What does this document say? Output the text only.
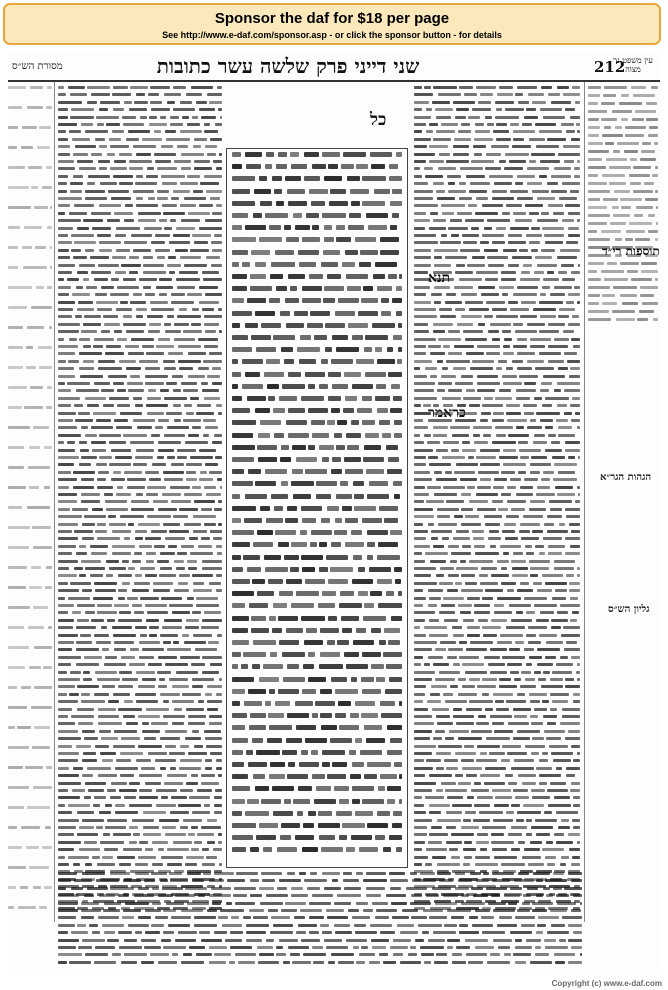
Sponsor the daf for $18 per page
See http://www.e-daf.com/sponsor.asp - or click the sponsor button - for details
מסורת הש״ס	שני דייני פרק שלשה עשר כתובות	212
עין משפט נר מצוה
כל
תנא
כראמר
תוספות רי״ד
הגהות הגר״א
גליון הש״ס
Copyright (c) www.e-daf.com
